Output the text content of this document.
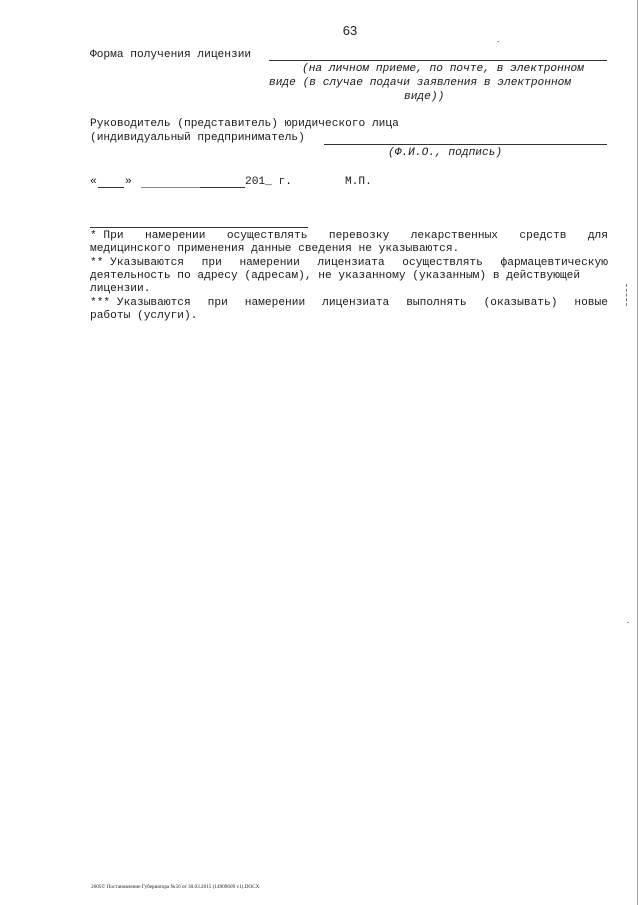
63
Форма получения лицензии
(на личном приеме, по почте, в электронном
виде (в случае подачи заявления в электронном
виде))
Руководитель (представитель) юридического лица
(индивидуальный предприниматель)
(Ф.И.О., подпись)
«	»	201_ г.	М.П.
* При намерении осуществлять перевозку лекарственных средств для
медицинского применения данные сведения не указываются.
** Указываются при намерении лицензиата осуществлять фармацевтическую
деятельность по адресу (адресам), не указанному (указанным) в действующей
лицензии.
*** Указываются при намерении лицензиата выполнять (оказывать) новые
работы (услуги).
2605© Постановление Губернатора №56 от 30.03.2015 (14909609 v1).DOCX
